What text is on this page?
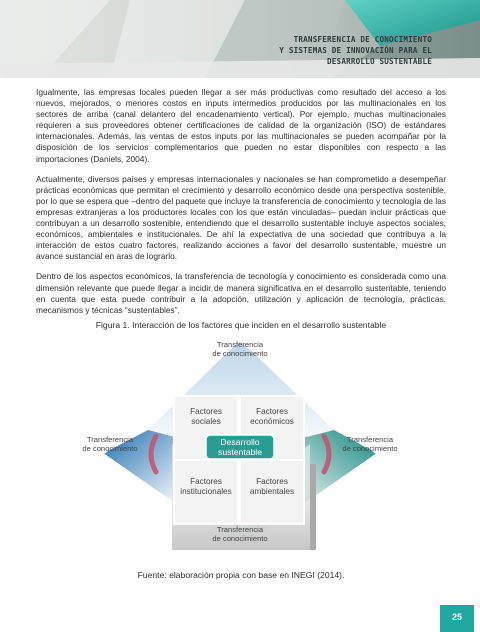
TRANSFERENCIA DE CONOCIMIENTO
Y SISTEMAS DE INNOVACIÓN PARA EL
DESARROLLO SUSTENTABLE

Igualmente, las empresas locales pueden llegar a ser más productivas como resultado del acceso a los nuevos, mejorados, o menores costos en inputs intermedios producidos por las multinacionales en los sectores de arriba (canal delantero del encadenamiento vertical). Por ejemplo, muchas multinacionales requieren a sus proveedores obtener certificaciones de calidad de la organización (ISO) de estándares internacionales. Además, las ventas de estos inputs por las multinacionales se pueden acompañar por la disposición de los servicios complementarios que pueden no estar disponibles con respecto a las importaciones (Daniels, 2004).

Actualmente, diversos países y empresas internacionales y nacionales se han comprometido a desempeñar prácticas económicas que permitan el crecimiento y desarrollo económico desde una perspectiva sostenible, por lo que se espera que –dentro del paquete que incluye la transferencia de conocimiento y tecnología de las empresas extranjeras a los productores locales con los que están vinculadas– puedan incluir prácticas que contribuyan a un desarrollo sostenible, entendiendo que el desarrollo sustentable incluye aspectos sociales, económicos, ambientales e institucionales. De ahí la expectativa de una sociedad que contribuya a la interacción de estos cuatro factores, realizando acciones a favor del desarrollo sustentable, muestre un avance sustancial en aras de lograrlo.

Dentro de los aspectos económicos, la transferencia de tecnología y conocimiento es considerada como una dimensión relevante que puede llegar a incidir de manera significativa en el desarrollo sustentable, teniendo en cuenta que esta puede contribuir a la adopción, utilización y aplicación de tecnología, prácticas, mecanismos y técnicas “sustentables”.

Figura 1. Interacción de los factores que inciden en el desarrollo sustentable
Factores
sociales
Factores
económicos
Factores
institucionales
Factores
ambientales
Desarrollo
sustentable
Transferencia
de conocimiento
Transferencia
de conocimiento
Transferencia
de conocimiento
Transferencia
de conocimiento
Fuente: elaboración propia con base en INEGI (2014).
25
